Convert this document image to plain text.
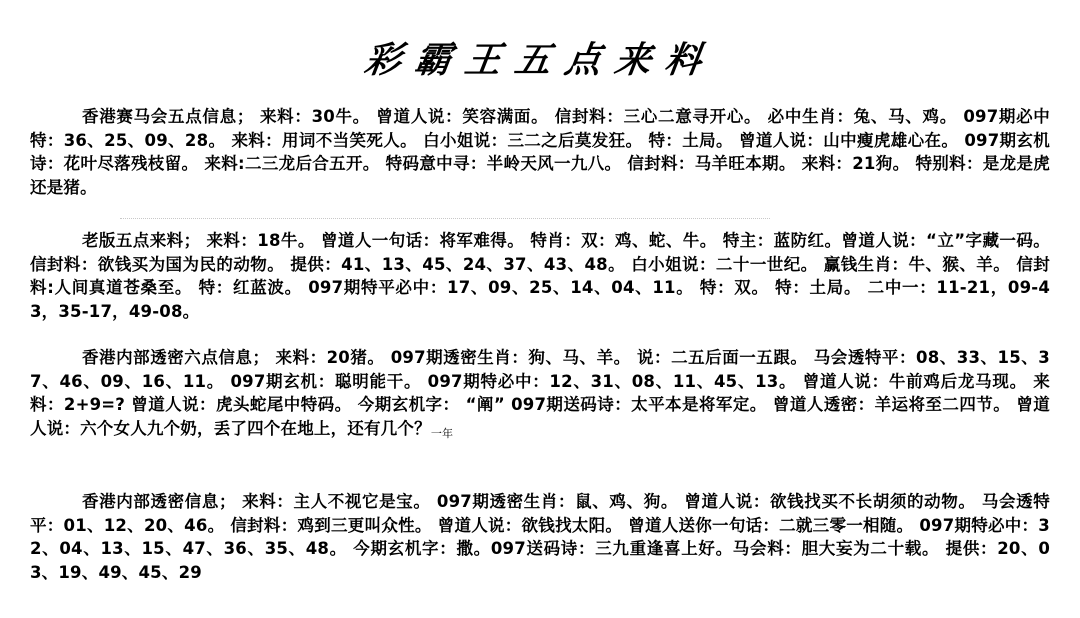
彩霸王五点来料
香港赛马会五点信息； 来料：30牛。 曾道人说：笑容满面。 信封料：三心二意寻开心。 必中生肖：兔、马、鸡。 097期必中特：36、25、09、28。 来料：用词不当笑死人。 白小姐说：三二之后莫发狂。 特：土局。 曾道人说：山中瘦虎雄心在。 097期玄机诗：花叶尽落残枝留。 来料:二三龙后合五开。 特码意中寻：半岭天风一九八。 信封料：马羊旺本期。 来料：21狗。 特别料：是龙是虎还是猪。
老版五点来料； 来料：18牛。 曾道人一句话：将军难得。 特肖：双：鸡、蛇、牛。 特主：蓝防红。曾道人说：“立”字藏一码。信封料：欲钱买为国为民的动物。 提供：41、13、45、24、37、43、48。 白小姐说：二十一世纪。 赢钱生肖：牛、猴、羊。 信封料:人间真道苍桑至。 特：红蓝波。 097期特平必中：17、09、25、14、04、11。 特：双。 特：土局。 二中一：11-21，09-43，35-17，49-08。
香港内部透密六点信息； 来料：20猪。 097期透密生肖：狗、马、羊。 说：二五后面一五跟。 马会透特平：08、33、15、37、46、09、16、11。 097期玄机：聪明能干。 097期特必中：12、31、08、11、45、13。 曾道人说：牛前鸡后龙马现。 来料：2+9=? 曾道人说：虎头蛇尾中特码。 今期玄机字： “阐” 097期送码诗：太平本是将军定。 曾道人透密：羊运将至二四节。 曾道人说：六个女人九个奶，丢了四个在地上，还有几个？一年
香港内部透密信息； 来料：主人不视它是宝。 097期透密生肖：鼠、鸡、狗。 曾道人说：欲钱找买不长胡须的动物。 马会透特平：01、12、20、46。 信封料：鸡到三更叫众性。 曾道人说：欲钱找太阳。 曾道人送你一句话：二就三零一相随。 097期特必中：32、04、13、15、47、36、35、48。 今期玄机字：撒。097送码诗：三九重逢喜上好。马会料：胆大妄为二十载。 提供：20、03、19、49、45、29
